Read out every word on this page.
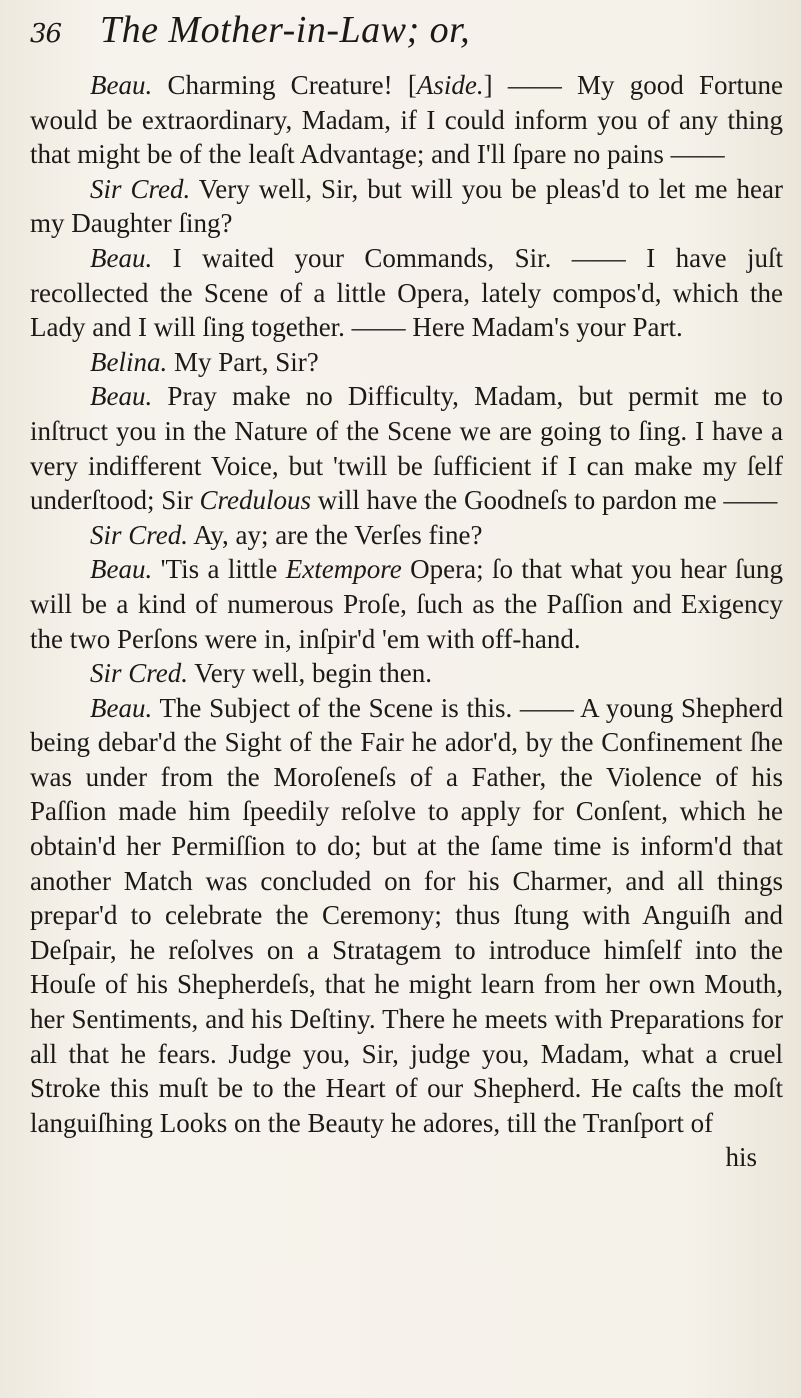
36	The Mother-in-Law; or,

Beau. Charming Creature! [Aside.] —— My good Fortune would be extraordinary, Madam, if I could inform you of any thing that might be of the leaſt Advantage; and I'll ſpare no pains ——

Sir Cred. Very well, Sir, but will you be pleas'd to let me hear my Daughter ſing?

Beau. I waited your Commands, Sir. —— I have juſt recollected the Scene of a little Opera, lately compos'd, which the Lady and I will ſing together. —— Here Madam's your Part.

Belina. My Part, Sir?

Beau. Pray make no Difficulty, Madam, but permit me to inſtruct you in the Nature of the Scene we are going to ſing. I have a very indifferent Voice, but 'twill be ſufficient if I can make my ſelf underſtood; Sir Credulous will have the Goodneſs to pardon me ——

Sir Cred. Ay, ay; are the Verſes fine?

Beau. 'Tis a little Extempore Opera; ſo that what you hear ſung will be a kind of numerous Proſe, ſuch as the Paſſion and Exigency the two Perſons were in, inſpir'd 'em with off-hand.

Sir Cred. Very well, begin then.

Beau. The Subject of the Scene is this. —— A young Shepherd being debar'd the Sight of the Fair he ador'd, by the Confinement ſhe was under from the Moroſeneſs of a Father, the Violence of his Paſſion made him ſpeedily reſolve to apply for Conſent, which he obtain'd her Permiſſion to do; but at the ſame time is inform'd that another Match was concluded on for his Charmer, and all things prepar'd to celebrate the Ceremony; thus ſtung with Anguiſh and Deſpair, he reſolves on a Stratagem to introduce himſelf into the Houſe of his Shepherdeſs, that he might learn from her own Mouth, her Sentiments, and his Deſtiny. There he meets with Preparations for all that he fears. Judge you, Sir, judge you, Madam, what a cruel Stroke this muſt be to the Heart of our Shepherd. He caſts the moſt languiſhing Looks on the Beauty he adores, till the Tranſport of

his
